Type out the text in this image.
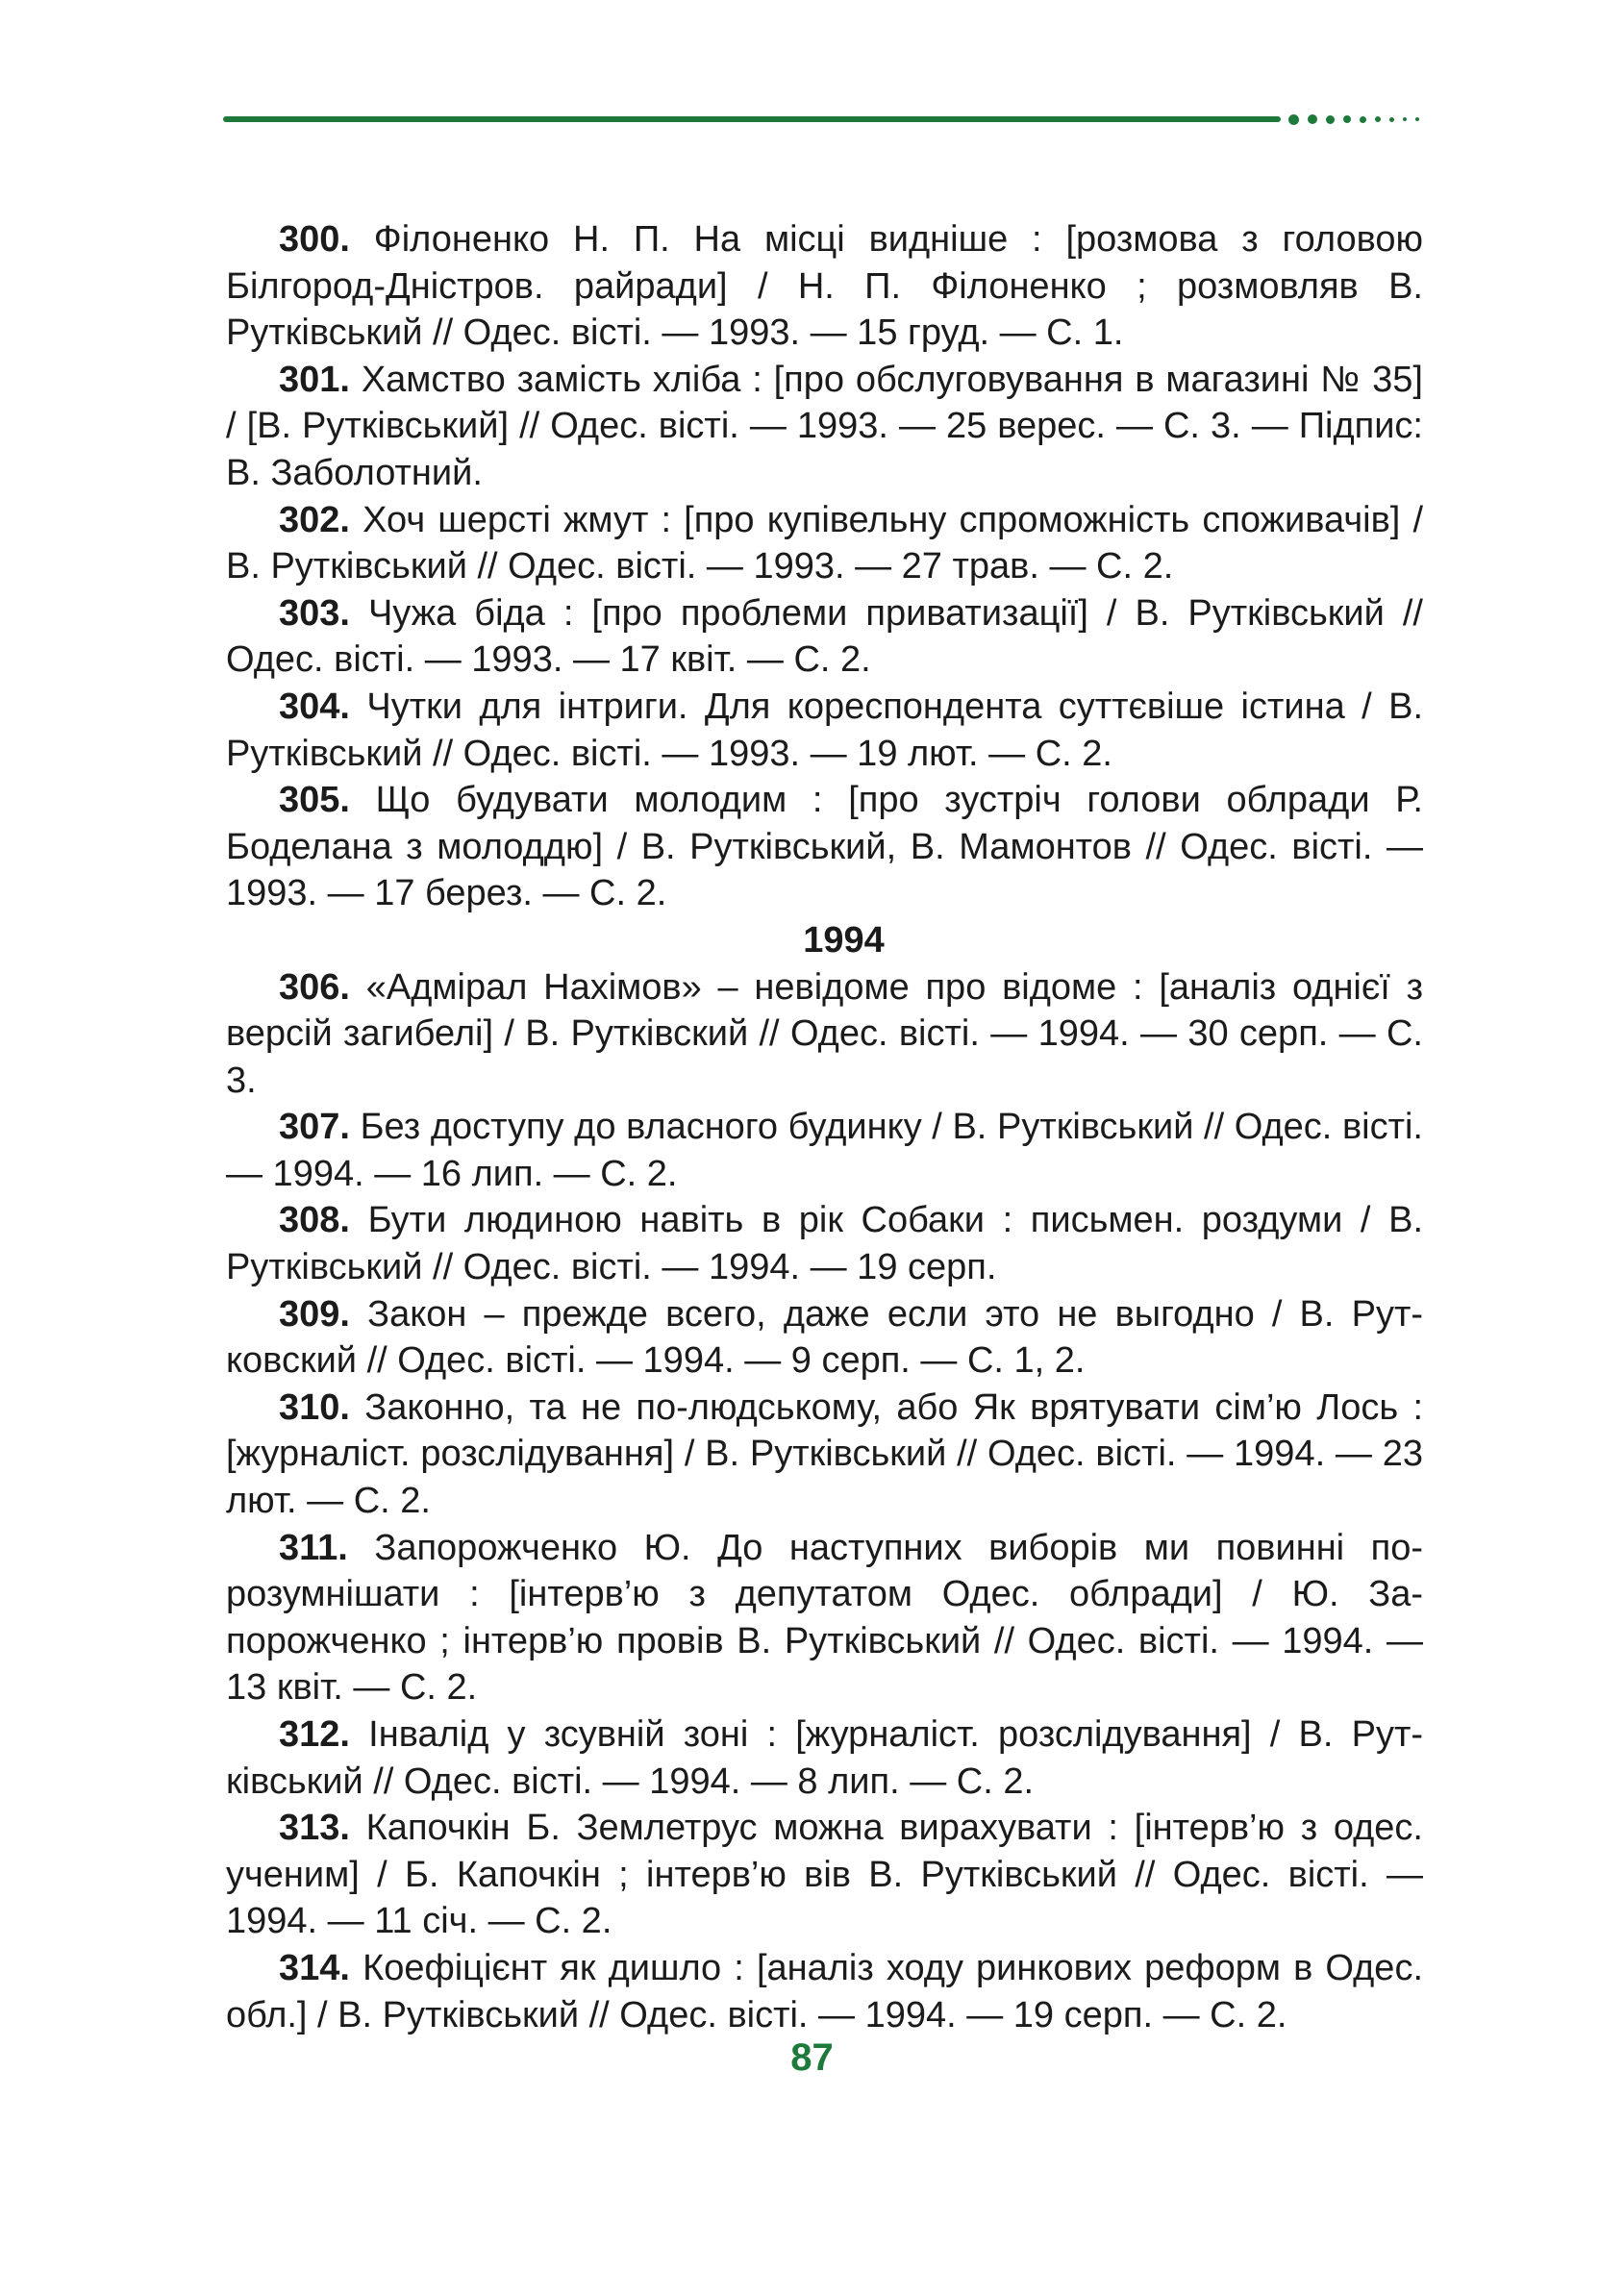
300. Філоненко Н. П. На місці видніше : [розмова з головою Білгород-Дністров. райради] / Н. П. Філоненко ; розмовляв В. Рутківський // Одес. вісті. — 1993. — 15 груд. — С. 1.

301. Хамство замість хліба : [про обслуговування в магазині № 35] / [В. Рутківський] // Одес. вісті. — 1993. — 25 верес. — С. 3. — Підпис: В. Заболотний.

302. Хоч шерсті жмут : [про купівельну спроможність споживачів] / В. Рутківський // Одес. вісті. — 1993. — 27 трав. — С. 2.

303. Чужа біда : [про проблеми приватизації] / В. Рутківський // Одес. вісті. — 1993. — 17 квіт. — С. 2.

304. Чутки для інтриги. Для кореспондента суттєвіше істина / В. Рутківський // Одес. вісті. — 1993. — 19 лют. — С. 2.

305. Що будувати молодим : [про зустріч голови облради Р. Боделана з молоддю] / В. Рутківський, В. Мамонтов // Одес. вісті. — 1993. — 17 берез. — С. 2.

1994

306. «Адмірал Нахімов» – невідоме про відоме : [аналіз однієї з версій загибелі] / В. Рутківский // Одес. вісті. — 1994. — 30 серп. — С. 3.

307. Без доступу до власного будинку / В. Рутківський // Одес. вісті. — 1994. — 16 лип. — С. 2.

308. Бути людиною навіть в рік Собаки : письмен. роздуми / В. Рутківський // Одес. вісті. — 1994. — 19 серп.

309. Закон – прежде всего, даже если это не выгодно / В. Рутковский // Одес. вісті. — 1994. — 9 серп. — С. 1, 2.

310. Законно, та не по-людському, або Як врятувати сім’ю Лось : [журналіст. розслідування] / В. Рутківський // Одес. вісті. — 1994. — 23 лют. — С. 2.

311. Запорожченко Ю. До наступних виборів ми повинні порозумнішати : [інтерв’ю з депутатом Одес. облради] / Ю. Запорожченко ; інтерв’ю провів В. Рутківський // Одес. вісті. — 1994. — 13 квіт. — С. 2.

312. Інвалід у зсувній зоні : [журналіст. розслідування] / В. Рутківський // Одес. вісті. — 1994. — 8 лип. — С. 2.

313. Капочкін Б. Землетрус можна вирахувати : [інтерв’ю з одес. ученим] / Б. Капочкін ; інтерв’ю вів В. Рутківський // Одес. вісті. — 1994. — 11 січ. — С. 2.

314. Коефіцієнт як дишло : [аналіз ходу ринкових реформ в Одес. обл.] / В. Рутківський // Одес. вісті. — 1994. — 19 серп. — С. 2.

87
